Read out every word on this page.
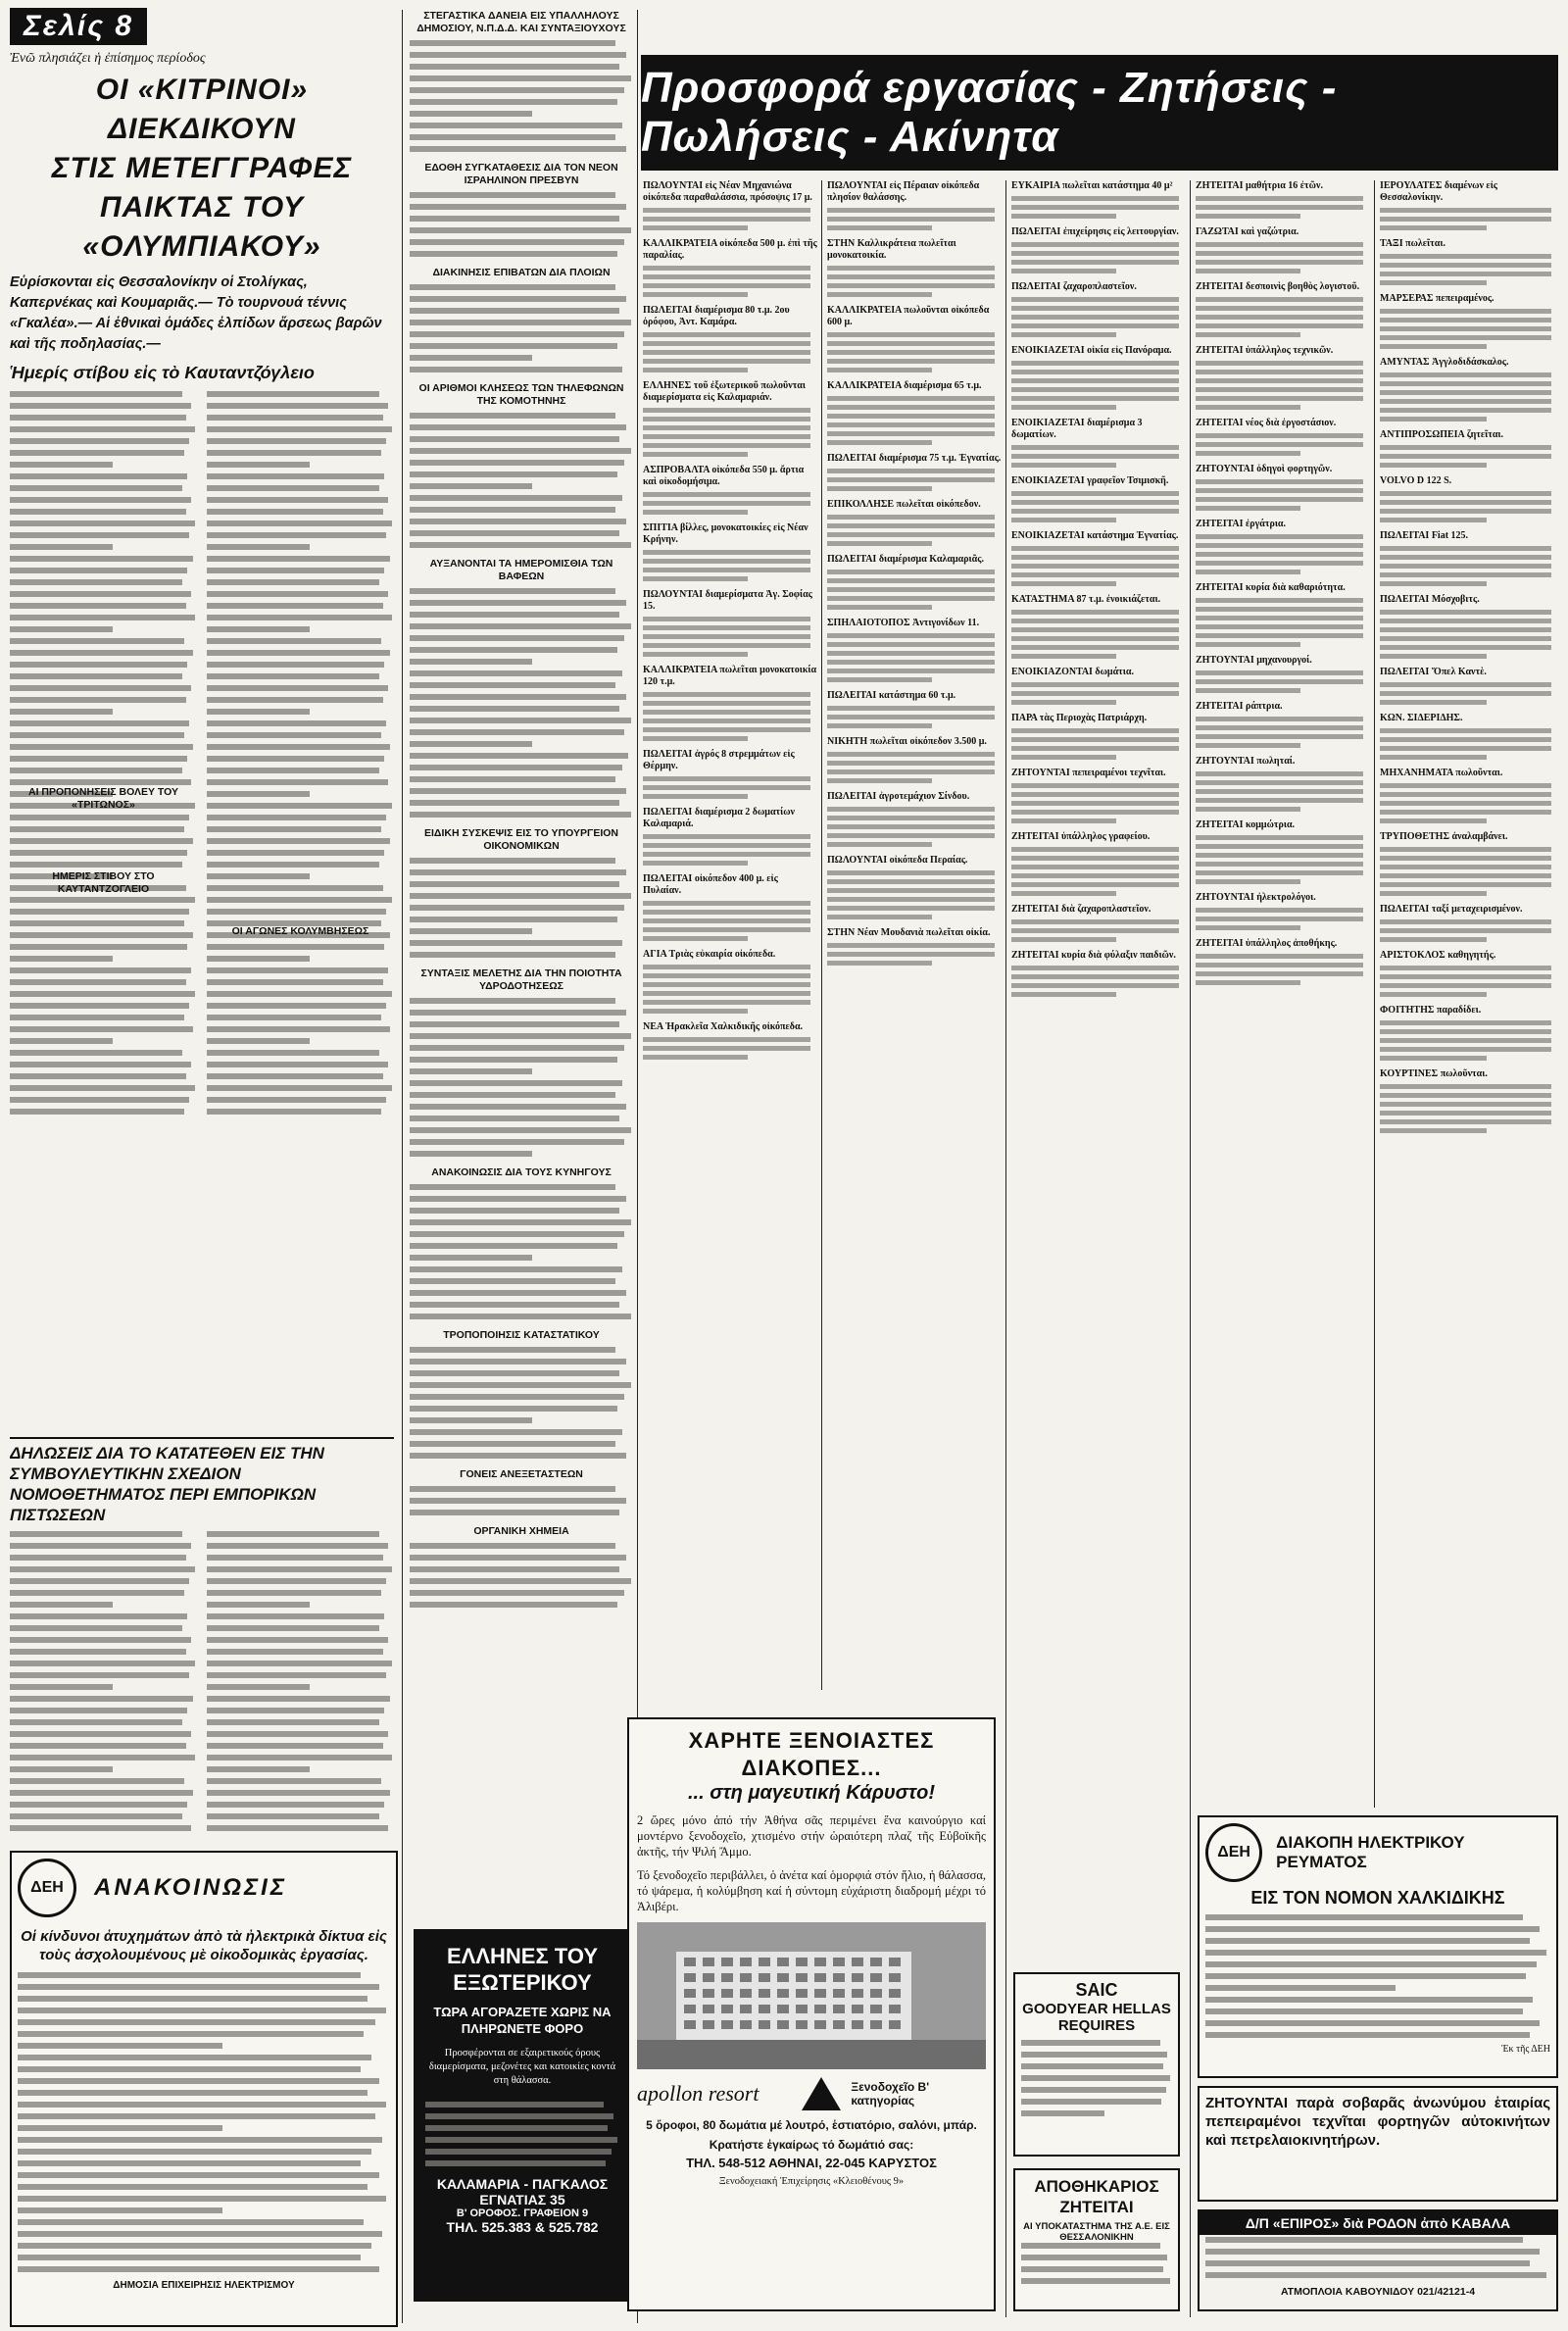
Σελίς 8
Ἐνῶ πλησιάζει ἡ ἐπίσημος περίοδος
ΟΙ «ΚΙΤΡΙΝΟΙ» ΔΙΕΚΔΙΚΟΥΝ
ΣΤΙΣ ΜΕΤΕΓΓΡΑΦΕΣ
ΠΑΙΚΤΑΣ ΤΟΥ «ΟΛΥΜΠΙΑΚΟΥ»
Εὑρίσκονται εἰς Θεσσαλονίκην οἱ Στολίγκας, Καπερνέκας καὶ Κουμαριᾶς.— Τὸ τουρνουά τέννις «Γκαλέα».— Αἱ ἐθνικαὶ ὁμάδες ἐλπίδων ἄρσεως βαρῶν καὶ τῆς ποδηλασίας.—
Ἡμερίς στίβου εἰς τὸ Καυταντζόγλειο
ΑΙ ΠΡΟΠΟΝΗΣΕΙΣ ΒΟΛΕΥ ΤΟΥ «ΤΡΙΤΩΝΟΣ»
ΗΜΕΡΙΣ ΣΤΙΒΟΥ ΣΤΟ ΚΑΥΤΑΝΤΖΟΓΛΕΙΟ
ΟΙ ΑΓΩΝΕΣ ΚΟΛΥΜΒΗΣΕΩΣ
ΔΗΛΩΣΕΙΣ ΔΙΑ ΤΟ ΚΑΤΑΤΕΘΕΝ ΕΙΣ ΤΗΝ ΣΥΜΒΟΥΛΕΥΤΙΚΗΝ ΣΧΕΔΙΟΝ ΝΟΜΟΘΕΤΗΜΑΤΟΣ ΠΕΡΙ ΕΜΠΟΡΙΚΩΝ ΠΙΣΤΩΣΕΩΝ
ΔΕΗ	ΑΝΑΚΟΙΝΩΣΙΣ
Οἱ κίνδυνοι ἀτυχημάτων ἀπὸ τὰ ἠλεκτρικὰ δίκτυα εἰς τοὺς ἀσχολουμένους μὲ οἰκοδομικὰς ἐργασίας.
ΔΗΜΟΣΙΑ ΕΠΙΧΕΙΡΗΣΙΣ ΗΛΕΚΤΡΙΣΜΟΥ
ΣΤΕΓΑΣΤΙΚΑ ΔΑΝΕΙΑ ΕΙΣ ΥΠΑΛΛΗΛΟΥΣ ΔΗΜΟΣΙΟΥ, Ν.Π.Δ.Δ. ΚΑΙ ΣΥΝΤΑΞΙΟΥΧΟΥΣ
ΕΔΟΘΗ ΣΥΓΚΑΤΑΘΕΣΙΣ ΔΙΑ ΤΟΝ ΝΕΟΝ ΙΣΡΑΗΛΙΝΟΝ ΠΡΕΣΒΥΝ
ΔΙΑΚΙΝΗΣΙΣ ΕΠΙΒΑΤΩΝ ΔΙΑ ΠΛΟΙΩΝ
ΟΙ ΑΡΙΘΜΟΙ ΚΛΗΣΕΩΣ ΤΩΝ ΤΗΛΕΦΩΝΩΝ ΤΗΣ ΚΟΜΟΤΗΝΗΣ
ΑΥΞΑΝΟΝΤΑΙ ΤΑ ΗΜΕΡΟΜΙΣΘΙΑ ΤΩΝ ΒΑΦΕΩΝ
ΕΙΔΙΚΗ ΣΥΣΚΕΨΙΣ ΕΙΣ ΤΟ ΥΠΟΥΡΓΕΙΟΝ ΟΙΚΟΝΟΜΙΚΩΝ
ΣΥΝΤΑΞΙΣ ΜΕΛΕΤΗΣ ΔΙΑ ΤΗΝ ΠΟΙΟΤΗΤΑ ΥΔΡΟΔΟΤΗΣΕΩΣ
ΑΝΑΚΟΙΝΩΣΙΣ ΔΙΑ ΤΟΥΣ ΚΥΝΗΓΟΥΣ
ΤΡΟΠΟΠΟΙΗΣΙΣ ΚΑΤΑΣΤΑΤΙΚΟΥ
ΓΟΝΕΙΣ ΑΝΕΞΕΤΑΣΤΕΩΝ
ΟΡΓΑΝΙΚΗ ΧΗΜΕΙΑ
ΕΛΛΗΝΕΣ ΤΟΥ ΕΞΩΤΕΡΙΚΟΥ
ΤΩΡΑ ΑΓΟΡΑΖΕΤΕ ΧΩΡΙΣ ΝΑ ΠΛΗΡΩΝΕΤΕ ΦΟΡΟ
Προσφέρονται σε εξαιρετικούς όρους διαμερίσματα, μεζονέτες και κατοικίες κοντά στη θάλασσα.
ΚΑΛΑΜΑΡΙΑ - ΠΑΓΚΑΛΟΣ
ΕΓΝΑΤΙΑΣ 35
Β' ΟΡΟΦΟΣ. ΓΡΑΦΕΙΟΝ 9
ΤΗΛ. 525.383 & 525.782
Προσφορά εργασίας - Ζητήσεις - Πωλήσεις - Ακίνητα
ΠΩΛΟΥΝΤΑΙ εἰς Νέαν Μηχανιώνα οἰκόπεδα παραθαλάσσια, πρόσοψις 17 μ.
ΚΑΛΛΙΚΡΑΤΕΙΑ οἰκόπεδα 500 μ. ἐπὶ τῆς παραλίας.
ΠΩΛΕΙΤΑΙ διαμέρισμα 80 τ.μ. 2ου ὀρόφου, Ἀντ. Καμάρα.
ΕΛΛΗΝΕΣ τοῦ ἐξωτερικοῦ πωλοῦνται διαμερίσματα εἰς Καλαμαριάν.
ΑΣΠΡΟΒΑΛΤΑ οἰκόπεδα 550 μ. ἄρτια καὶ οἰκοδομήσιμα.
ΣΠΙΤΙΑ βίλλες, μονοκατοικίες εἰς Νέαν Κρήνην.
ΠΩΛΟΥΝΤΑΙ διαμερίσματα Ἀγ. Σοφίας 15.
ΚΑΛΛΙΚΡΑΤΕΙΑ πωλεῖται μονοκατοικία 120 τ.μ.
ΠΩΛΕΙΤΑΙ ἀγρός 8 στρεμμάτων εἰς Θέρμην.
ΠΩΛΕΙΤΑΙ διαμέρισμα 2 δωματίων Καλαμαριά.
ΠΩΛΕΙΤΑΙ οἰκόπεδον 400 μ. εἰς Πυλαίαν.
ΑΓΙΑ Τριὰς εὐκαιρία οἰκόπεδα.
ΝΕΑ Ἡρακλεῖα Χαλκιδικῆς οἰκόπεδα.
ΠΩΛΟΥΝΤΑΙ εἰς Πέραιαν οἰκόπεδα πλησίον θαλάσσης.
ΣΤΗΝ Καλλικράτεια πωλεῖται μονοκατοικία.
ΚΑΛΛΙΚΡΑΤΕΙΑ πωλοῦνται οἰκόπεδα 600 μ.
ΚΑΛΛΙΚΡΑΤΕΙΑ διαμέρισμα 65 τ.μ.
ΠΩΛΕΙΤΑΙ διαμέρισμα 75 τ.μ. Ἐγνατίας.
ΕΠΙΚΟΛΛΗΣΕ πωλεῖται οἰκόπεδον.
ΠΩΛΕΙΤΑΙ διαμέρισμα Καλαμαριᾶς.
ΣΠΗΛΑΙΟΤΟΠΟΣ Ἀντιγονίδων 11.
ΠΩΛΕΙΤΑΙ κατάστημα 60 τ.μ.
ΝΙΚΗΤΗ πωλεῖται οἰκόπεδον 3.500 μ.
ΠΩΛΕΙΤΑΙ ἀγροτεμάχιον Σίνδου.
ΠΩΛΟΥΝΤΑΙ οἰκόπεδα Περαίας.
ΣΤΗΝ Νέαν Μουδανιὰ πωλεῖται οἰκία.
ΕΥΚΑΙΡΙΑ πωλεῖται κατάστημα 40 μ²
ΠΩΛΕΙΤΑΙ ἐπιχείρησις εἰς λειτουργίαν.
ΠΩΛΕΙΤΑΙ ζαχαροπλαστεῖον.
ΕΝΟΙΚΙΑΖΕΤΑΙ οἰκία εἰς Πανόραμα.
ΕΝΟΙΚΙΑΖΕΤΑΙ διαμέρισμα 3 δωματίων.
ΕΝΟΙΚΙΑΖΕΤΑΙ γραφεῖον Τσιμισκῆ.
ΕΝΟΙΚΙΑΖΕΤΑΙ κατάστημα Ἐγνατίας.
ΚΑΤΑΣΤΗΜΑ 87 τ.μ. ἐνοικιάζεται.
ΕΝΟΙΚΙΑΖΟΝΤΑΙ δωμάτια.
ΠΑΡΑ τὰς Περιοχὰς Πατριάρχη.
ΖΗΤΟΥΝΤΑΙ πεπειραμένοι τεχνῖται.
ΖΗΤΕΙΤΑΙ ὑπάλληλος γραφείου.
ΖΗΤΕΙΤΑΙ διὰ ζαχαροπλαστεῖον.
ΖΗΤΕΙΤΑΙ κυρία διὰ φύλαξιν παιδιῶν.
ΖΗΤΕΙΤΑΙ μαθήτρια 16 ἐτῶν.
ΓΑΖΩΤΑΙ καὶ γαζώτρια.
ΖΗΤΕΙΤΑΙ δεσποινὶς βοηθὸς λογιστοῦ.
ΖΗΤΕΙΤΑΙ ὑπάλληλος τεχνικῶν.
ΖΗΤΕΙΤΑΙ νέος διὰ ἐργοστάσιον.
ΖΗΤΟΥΝΤΑΙ ὀδηγοὶ φορτηγῶν.
ΖΗΤΕΙΤΑΙ ἐργάτρια.
ΖΗΤΕΙΤΑΙ κυρία διὰ καθαριότητα.
ΖΗΤΟΥΝΤΑΙ μηχανουργοί.
ΖΗΤΕΙΤΑΙ ράπτρια.
ΖΗΤΟΥΝΤΑΙ πωληταί.
ΖΗΤΕΙΤΑΙ κομμώτρια.
ΖΗΤΟΥΝΤΑΙ ἠλεκτρολόγοι.
ΖΗΤΕΙΤΑΙ ὑπάλληλος ἀποθήκης.
ΙΕΡΟΥΛΑΤΕΣ διαμένων εἰς Θεσσαλονίκην.
ΤΑΞΙ πωλεῖται.
ΜΑΡΣΕΡΑΣ πεπειραμένος.
ΑΜΥΝΤΑΣ Ἀγγλοδιδάσκαλος.
ΑΝΤΙΠΡΟΣΩΠΕΙΑ ζητεῖται.
VOLVO D 122 S.
ΠΩΛΕΙΤΑΙ Fiat 125.
ΠΩΛΕΙΤΑΙ Μόσχοβιτς.
ΠΩΛΕΙΤΑΙ Ὅπελ Καντὲ.
ΚΩΝ. ΣΙΔΕΡΙΔΗΣ.
ΜΗΧΑΝΗΜΑΤΑ πωλοῦνται.
ΤΡΥΠΟΘΕΤΗΣ ἀναλαμβάνει.
ΠΩΛΕΙΤΑΙ ταξί μεταχειρισμένον.
ΑΡΙΣΤΟΚΛΟΣ καθηγητής.
ΦΟΙΤΗΤΗΣ παραδίδει.
ΚΟΥΡΤΙΝΕΣ πωλοῦνται.
ΧΑΡΗΤΕ ΞΕΝΟΙΑΣΤΕΣ ΔΙΑΚΟΠΕΣ...
... στη μαγευτική Κάρυστο!
2 ὥρες μόνο ἀπό τήν Ἀθήνα σᾶς περιμένει ἕνα καινούργιο καί μοντέρνο ξενοδοχεῖο, χτισμένο στήν ὡραιότερη πλαζ τῆς Εὐβοϊκῆς ἀκτῆς, τήν Ψιλή Ἄμμο.
Τό ξενοδοχεῖο περιβάλλει, ὁ ἀνέτα καί ὁμορφιά στόν ἥλιο, ἡ θάλασσα, τό ψάρεμα, ἡ κολύμβηση καί ἡ σύντομη εὐχάριστη διαδρομή μέχρι τό Ἀλιβέρι.
apollon resort	Ξενοδοχεῖο Β' κατηγορίας
5 ὄροφοι, 80 δωμάτια μέ λουτρό, ἑστιατόριο, σαλόνι, μπάρ.
Κρατήστε ἐγκαίρως τό δωμάτιό σας:
ΤΗΛ. 548-512 ΑΘΗΝΑΙ, 22-045 ΚΑΡΥΣΤΟΣ
Ξενοδοχειακή Ἐπιχείρησις «Κλειοθένους 9»
SAIC
GOODYEAR HELLAS
REQUIRES
ΑΠΟΘΗΚΑΡΙΟΣ ΖΗΤΕΙΤΑΙ
ΑΙ ΥΠΟΚΑΤΑΣΤΗΜΑ ΤΗΣ Α.Ε. ΕΙΣ ΘΕΣΣΑΛΟΝΙΚΗΝ
ΔΕΗ
ΔΙΑΚΟΠΗ ΗΛΕΚΤΡΙΚΟΥ ΡΕΥΜΑΤΟΣ
ΕΙΣ ΤΟΝ ΝΟΜΟΝ ΧΑΛΚΙΔΙΚΗΣ
Ἐκ τῆς ΔΕΗ
ΖΗΤΟΥΝΤΑΙ παρὰ σοβαρᾶς ἀνωνύμου ἑταιρίας πεπειραμένοι τεχνῖται φορτηγῶν αὐτοκινήτων καὶ πετρελαιοκινητήρων.
Δ/Π «ΕΠΙΡΟΣ» διὰ ΡΟΔΟΝ ἀπὸ ΚΑΒΑΛΑ
ΑΤΜΟΠΛΟΙΑ ΚΑΒΟΥΝΙΔΟΥ 021/42121-4
